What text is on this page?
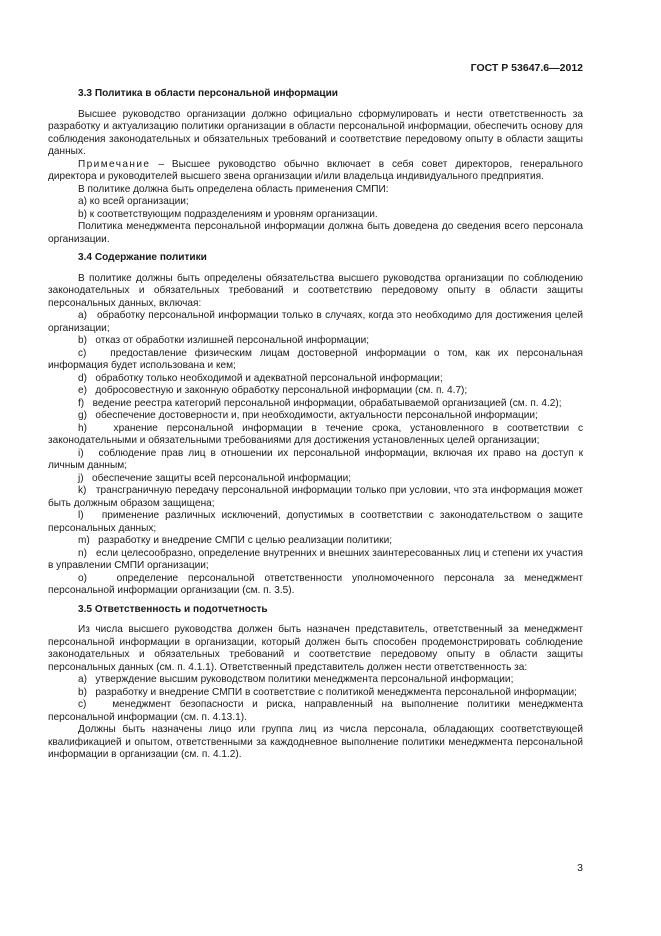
ГОСТ Р 53647.6—2012

3.3 Политика в области персональной информации

Высшее руководство организации должно официально сформулировать и нести ответственность за разработку и актуализацию политики организации в области персональной информации, обеспечить основу для соблюдения законодательных и обязательных требований и соответствие передовому опыту в области защиты данных.

Примечание – Высшее руководство обычно включает в себя совет директоров, генерального директора и руководителей высшего звена организации и/или владельца индивидуального предприятия.

В политике должна быть определена область применения СМПИ:

а) ко всей организации;

b) к соответствующим подразделениям и уровням организации.

Политика менеджмента персональной информации должна быть доведена до сведения всего персонала организации.

3.4 Содержание политики

В политике должны быть определены обязательства высшего руководства организации по соблюдению законодательных и обязательных требований и соответствию передовому опыту в области защиты персональных данных, включая:

a)   обработку персональной информации только в случаях, когда это необходимо для достижения целей организации;

b)   отказ от обработки излишней персональной информации;

c)   предоставление физическим лицам достоверной информации о том, как их персональная информация будет использована и кем;

d)   обработку только необходимой и адекватной персональной информации;

e)   добросовестную и законную обработку персональной информации (см. п. 4.7);

f)   ведение реестра категорий персональной информации, обрабатываемой организацией (см. п. 4.2);

g)   обеспечение достоверности и, при необходимости, актуальности персональной информации;

h)   хранение персональной информации в течение срока, установленного в соответствии с законодательными и обязательными требованиями для достижения установленных целей организации;

i)   соблюдение прав лиц в отношении их персональной информации, включая их право на доступ к личным данным;

j)   обеспечение защиты всей персональной информации;

k)   трансграничную передачу персональной информации только при условии, что эта информация может быть должным образом защищена;

l)   применение различных исключений, допустимых в соответствии с законодательством о защите персональных данных;

m)   разработку и внедрение СМПИ с целью реализации политики;

n)   если целесообразно, определение внутренних и внешних заинтересованных лиц и степени их участия в управлении СМПИ организации;

o)   определение персональной ответственности уполномоченного персонала за менеджмент персональной информации организации (см. п. 3.5).

3.5 Ответственность и подотчетность

Из числа высшего руководства должен быть назначен представитель, ответственный за менеджмент персональной информации в организации, который должен быть способен продемонстрировать соблюдение законодательных и обязательных требований и соответствие передовому опыту в области защиты персональных данных (см. п. 4.1.1). Ответственный представитель должен нести ответственность за:

a)   утверждение высшим руководством политики менеджмента персональной информации;

b)   разработку и внедрение СМПИ в соответствие с политикой менеджмента персональной информации;

c)   менеджмент безопасности и риска, направленный на выполнение политики менеджмента персональной информации (см. п. 4.13.1).

Должны быть назначены лицо или группа лиц из числа персонала, обладающих соответствующей квалификацией и опытом, ответственными за каждодневное выполнение политики менеджмента персональной информации в организации (см. п. 4.1.2).

3
